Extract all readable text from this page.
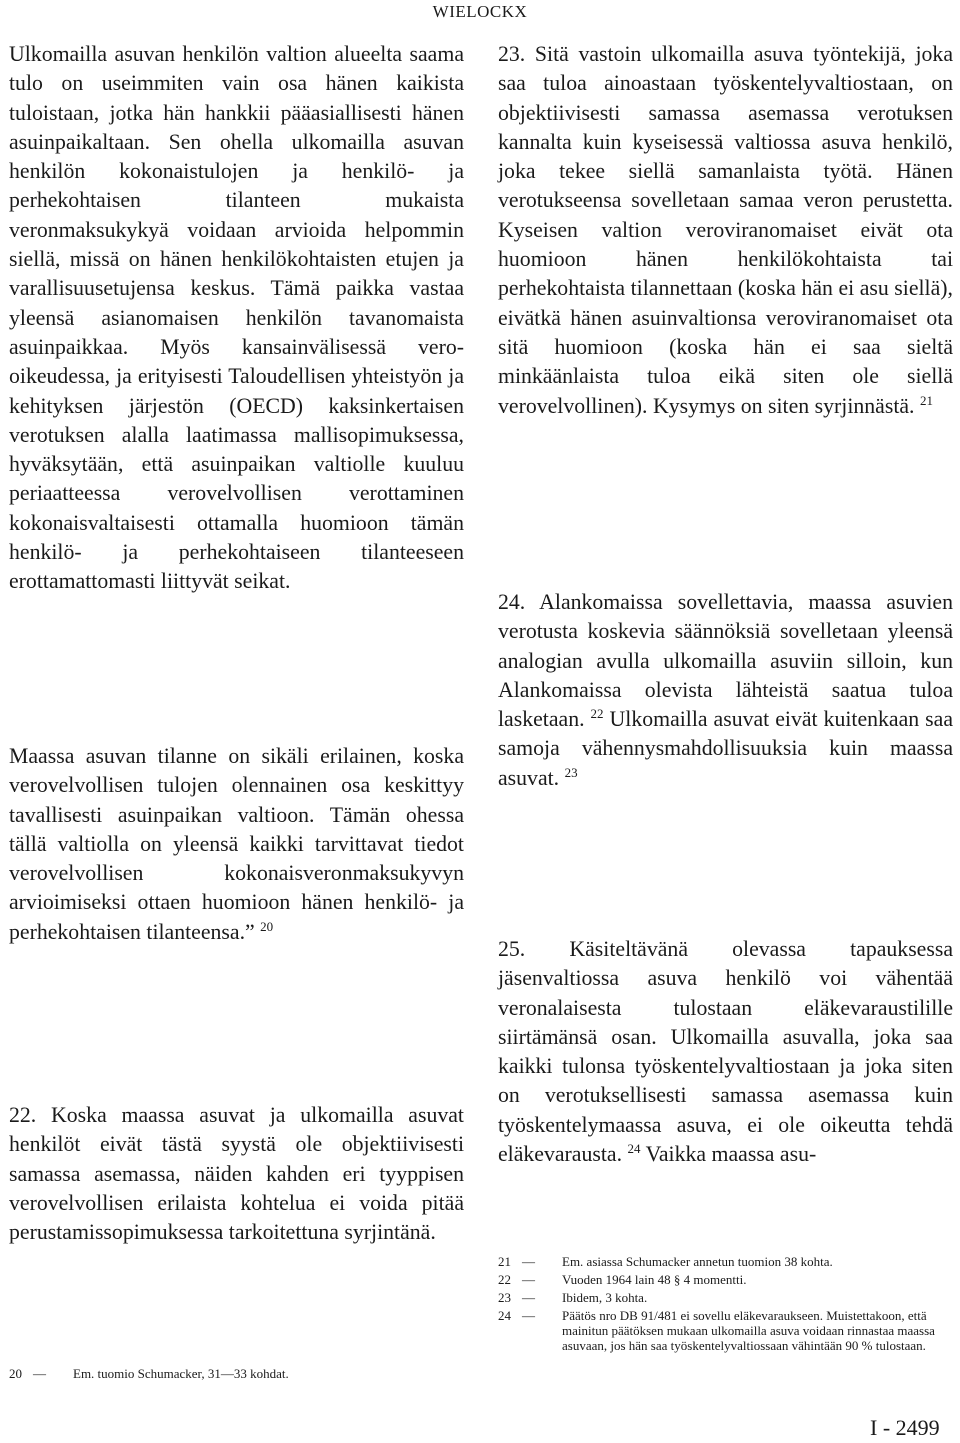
WIELOCKX

Ulkomailla asuvan henkilön valtion alueelta saama tulo on useimmiten vain osa hänen kaikista tuloistaan, jotka hän hankkii pääasiallisesti hänen asuinpaikaltaan. Sen ohella ulkomailla asuvan henkilön kokonaistulojen ja henkilö- ja perhekohtaisen tilanteen mukaista veronmaksukykyä voidaan arvioida helpommin siellä, missä on hänen henkilökohtaisten etujen ja varallisuusetujensa keskus. Tämä paikka vastaa yleensä asianomaisen henkilön tavanomaista asuinpaikkaa. Myös kansainvälisessä vero-oikeudessa, ja erityisesti Taloudellisen yhteistyön ja kehityksen järjestön (OECD) kaksinkertaisen verotuksen alalla laatimassa mallisopimuksessa, hyväksytään, että asuinpaikan valtiolle kuuluu periaatteessa verovelvollisen verottaminen kokonaisvaltaisesti ottamalla huomioon tämän henkilö- ja perhekohtaiseen tilanteeseen erottamattomasti liittyvät seikat.

Maassa asuvan tilanne on sikäli erilainen, koska verovelvollisen tulojen olennainen osa keskittyy tavallisesti asuinpaikan valtioon. Tämän ohessa tällä valtiolla on yleensä kaikki tarvittavat tiedot verovelvollisen kokonaisveronmaksukyvyn arvioimiseksi ottaen huomioon hänen henkilö- ja perhekohtaisen tilanteensa.” $^{20}$

22. Koska maassa asuvat ja ulkomailla asuvat henkilöt eivät tästä syystä ole objektiivisesti samassa asemassa, näiden kahden eri tyyppisen verovelvollisen erilaista kohtelua ei voida pitää perustamissopimuksessa tarkoitettuna syrjintänä.

23. Sitä vastoin ulkomailla asuva työntekijä, joka saa tuloa ainoastaan työskentelyvaltiostaan, on objektiivisesti samassa asemassa verotuksen kannalta kuin kyseisessä valtiossa asuva henkilö, joka tekee siellä samanlaista työtä. Hänen verotukseensa sovelletaan samaa veron perustetta. Kyseisen valtion veroviranomaiset eivät ota huomioon hänen henkilökohtaista tai perhekohtaista tilannettaan (koska hän ei asu siellä), eivätkä hänen asuinvaltionsa veroviranomaiset ota sitä huomioon (koska hän ei saa sieltä minkäänlaista tuloa eikä siten ole siellä verovelvollinen). Kysymys on siten syrjinnästä. $^{21}$

24. Alankomaissa sovellettavia, maassa asuvien verotusta koskevia säännöksiä sovelletaan yleensä analogian avulla ulkomailla asuviin silloin, kun Alankomaissa olevista lähteistä saatua tuloa lasketaan. $^{22}$ Ulkomailla asuvat eivät kuitenkaan saa samoja vähennysmahdollisuuksia kuin maassa asuvat. $^{23}$

25. Käsiteltävänä olevassa tapauksessa jäsenvaltiossa asuva henkilö voi vähentää veronalaisesta tulostaan eläkevaraustilille siirtämänsä osan. Ulkomailla asuvalla, joka saa kaikki tulonsa työskentelyvaltiostaan ja joka siten on verotuksellisesti samassa asemassa kuin työskentelymaassa asuva, ei ole oikeutta tehdä eläkevarausta. $^{24}$ Vaikka maassa asu-

20 —	Em. tuomio Schumacker, 31—33 kohdat.
21 —	Em. asiassa Schumacker annetun tuomion 38 kohta.
22 —	Vuoden 1964 lain 48 § 4 momentti.
23 —	Ibidem, 3 kohta.
24 —	Päätös nro DB 91/481 ei sovellu eläkevaraukseen. Muistettakoon, että mainitun päätöksen mukaan ulkomailla asuva voidaan rinnastaa maassa asuvaan, jos hän saa työskentelyvaltiossaan vähintään 90 % tulostaan.
I - 2499
